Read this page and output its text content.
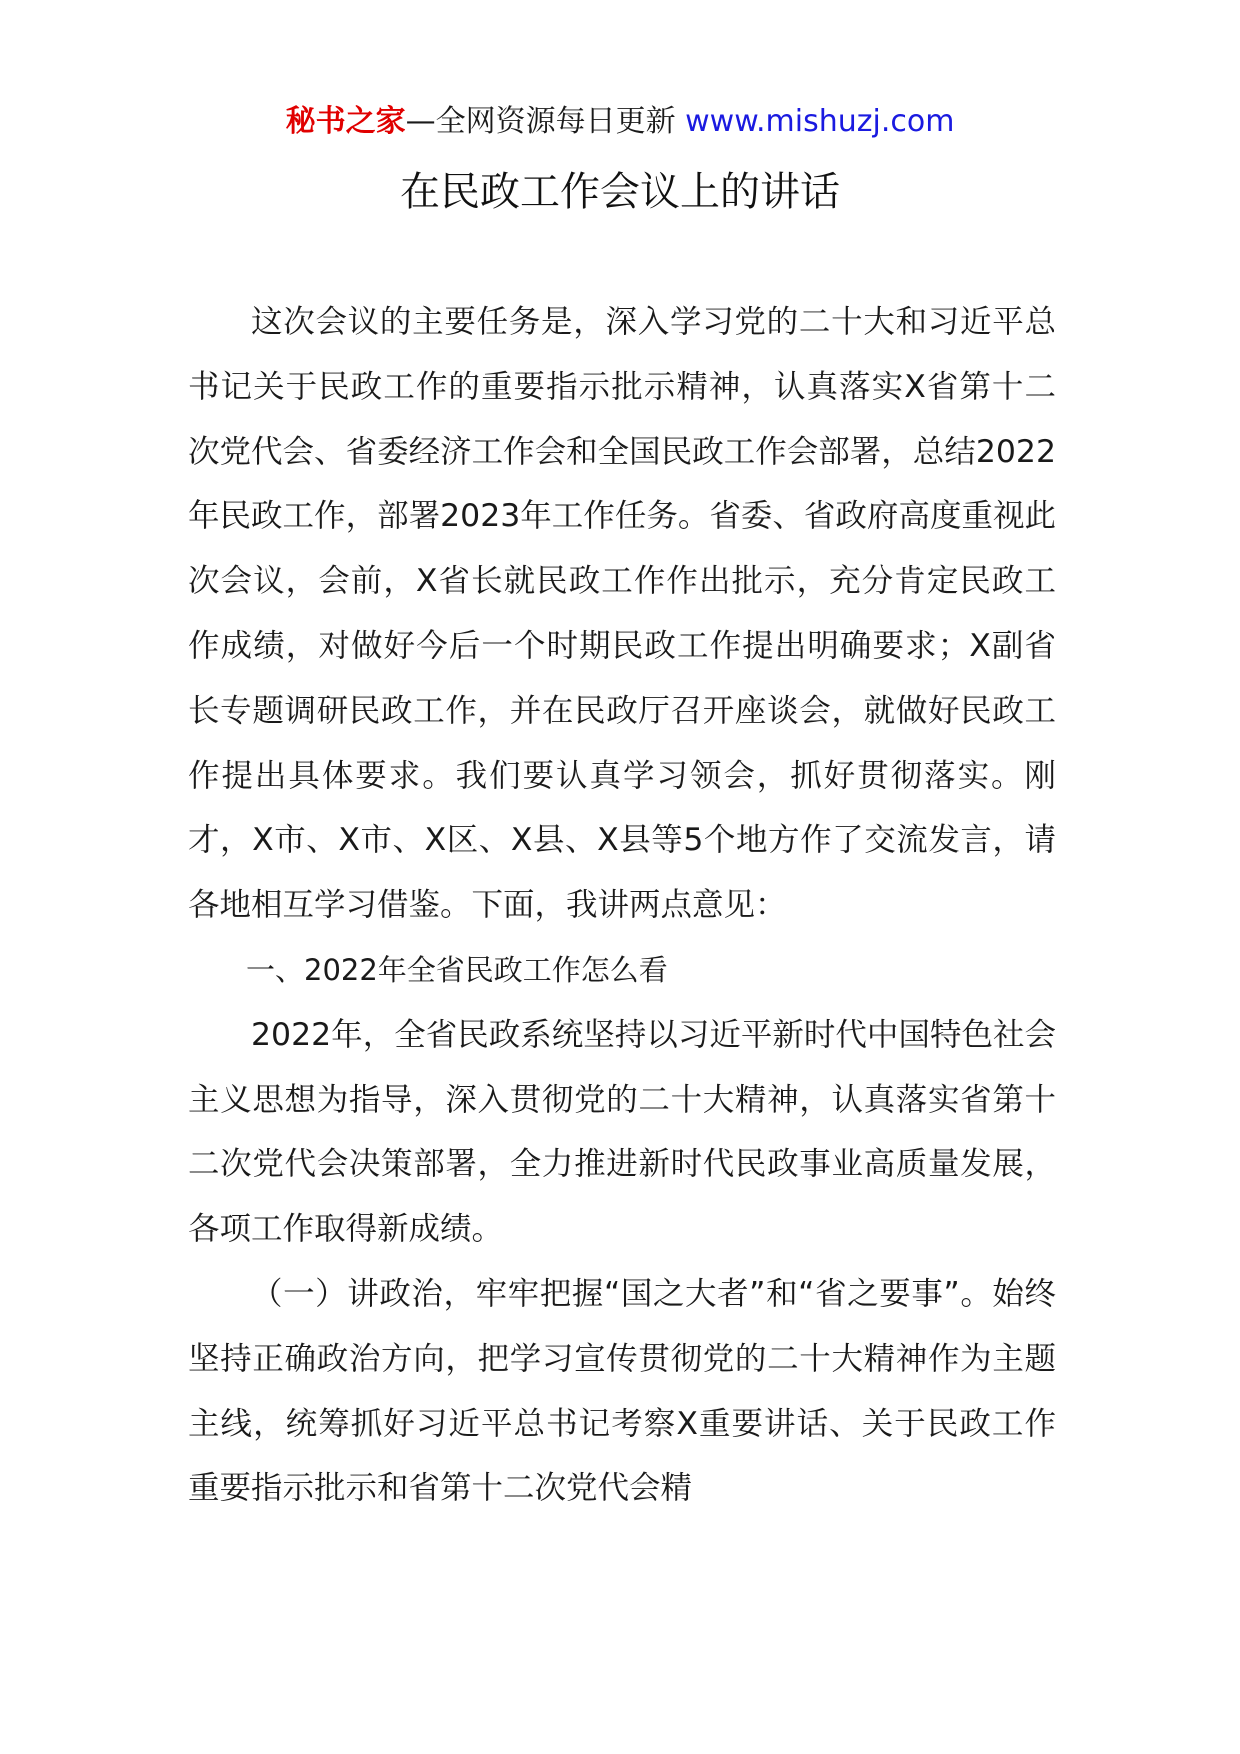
秘书之家—全网资源每日更新 www.mishuzj.com
在民政工作会议上的讲话

这次会议的主要任务是，深入学习党的二十大和习近平总书记关于民政工作的重要指示批示精神，认真落实X省第十二次党代会、省委经济工作会和全国民政工作会部署，总结2022年民政工作，部署2023年工作任务。省委、省政府高度重视此次会议，会前，X省长就民政工作作出批示，充分肯定民政工作成绩，对做好今后一个时期民政工作提出明确要求；X副省长专题调研民政工作，并在民政厅召开座谈会，就做好民政工作提出具体要求。我们要认真学习领会，抓好贯彻落实。刚才，X市、X市、X区、X县、X县等5个地方作了交流发言，请各地相互学习借鉴。下面，我讲两点意见：

一、2022年全省民政工作怎么看

2022年，全省民政系统坚持以习近平新时代中国特色社会主义思想为指导，深入贯彻党的二十大精神，认真落实省第十二次党代会决策部署，全力推进新时代民政事业高质量发展，各项工作取得新成绩。

（一）讲政治，牢牢把握“国之大者”和“省之要事”。始终坚持正确政治方向，把学习宣传贯彻党的二十大精神作为主题主线，统筹抓好习近平总书记考察X重要讲话、关于民政工作重要指示批示和省第十二次党代会精
